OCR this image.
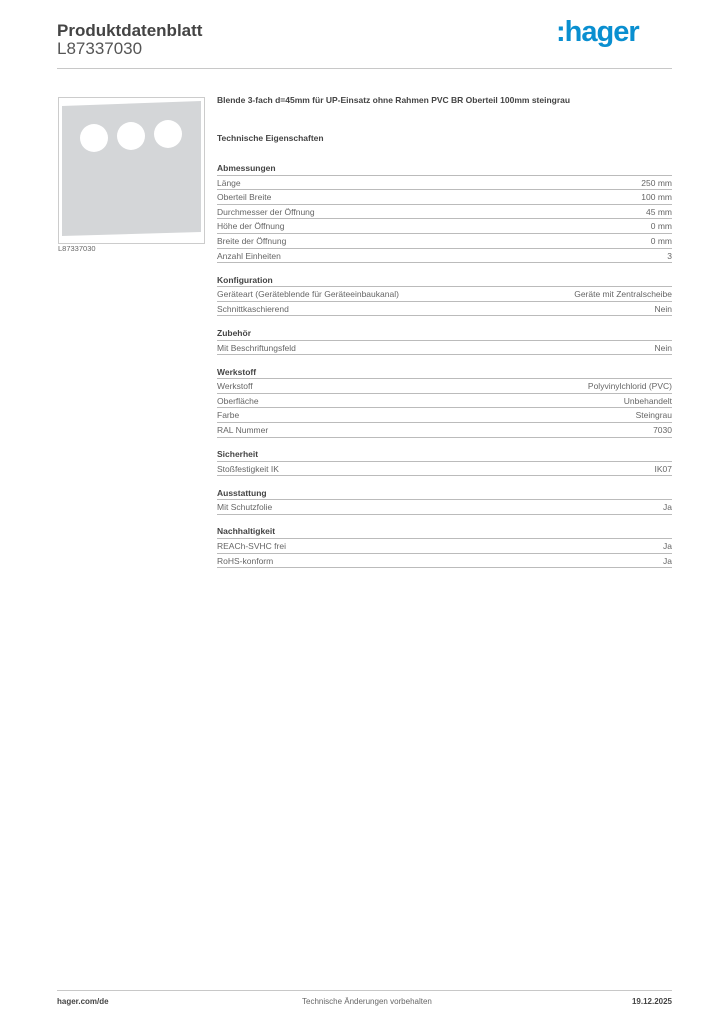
Produktdatenblatt
L87337030
:hager
L87337030
Blende 3-fach d=45mm für UP-Einsatz ohne Rahmen PVC BR Oberteil 100mm steingrau
Technische Eigenschaften
Abmessungen
Länge	250 mm
Oberteil Breite	100 mm
Durchmesser der Öffnung	45 mm
Höhe der Öffnung	0 mm
Breite der Öffnung	0 mm
Anzahl Einheiten	3
Konfiguration
Geräteart (Geräteblende für Geräteeinbaukanal)	Geräte mit Zentralscheibe
Schnittkaschierend	Nein
Zubehör
Mit Beschriftungsfeld	Nein
Werkstoff
Werkstoff	Polyvinylchlorid (PVC)
Oberfläche	Unbehandelt
Farbe	Steingrau
RAL Nummer	7030
Sicherheit
Stoßfestigkeit IK	IK07
Ausstattung
Mit Schutzfolie	Ja
Nachhaltigkeit
REACh-SVHC frei	Ja
RoHS-konform	Ja
hager.com/de	Technische Änderungen vorbehalten	19.12.2025
